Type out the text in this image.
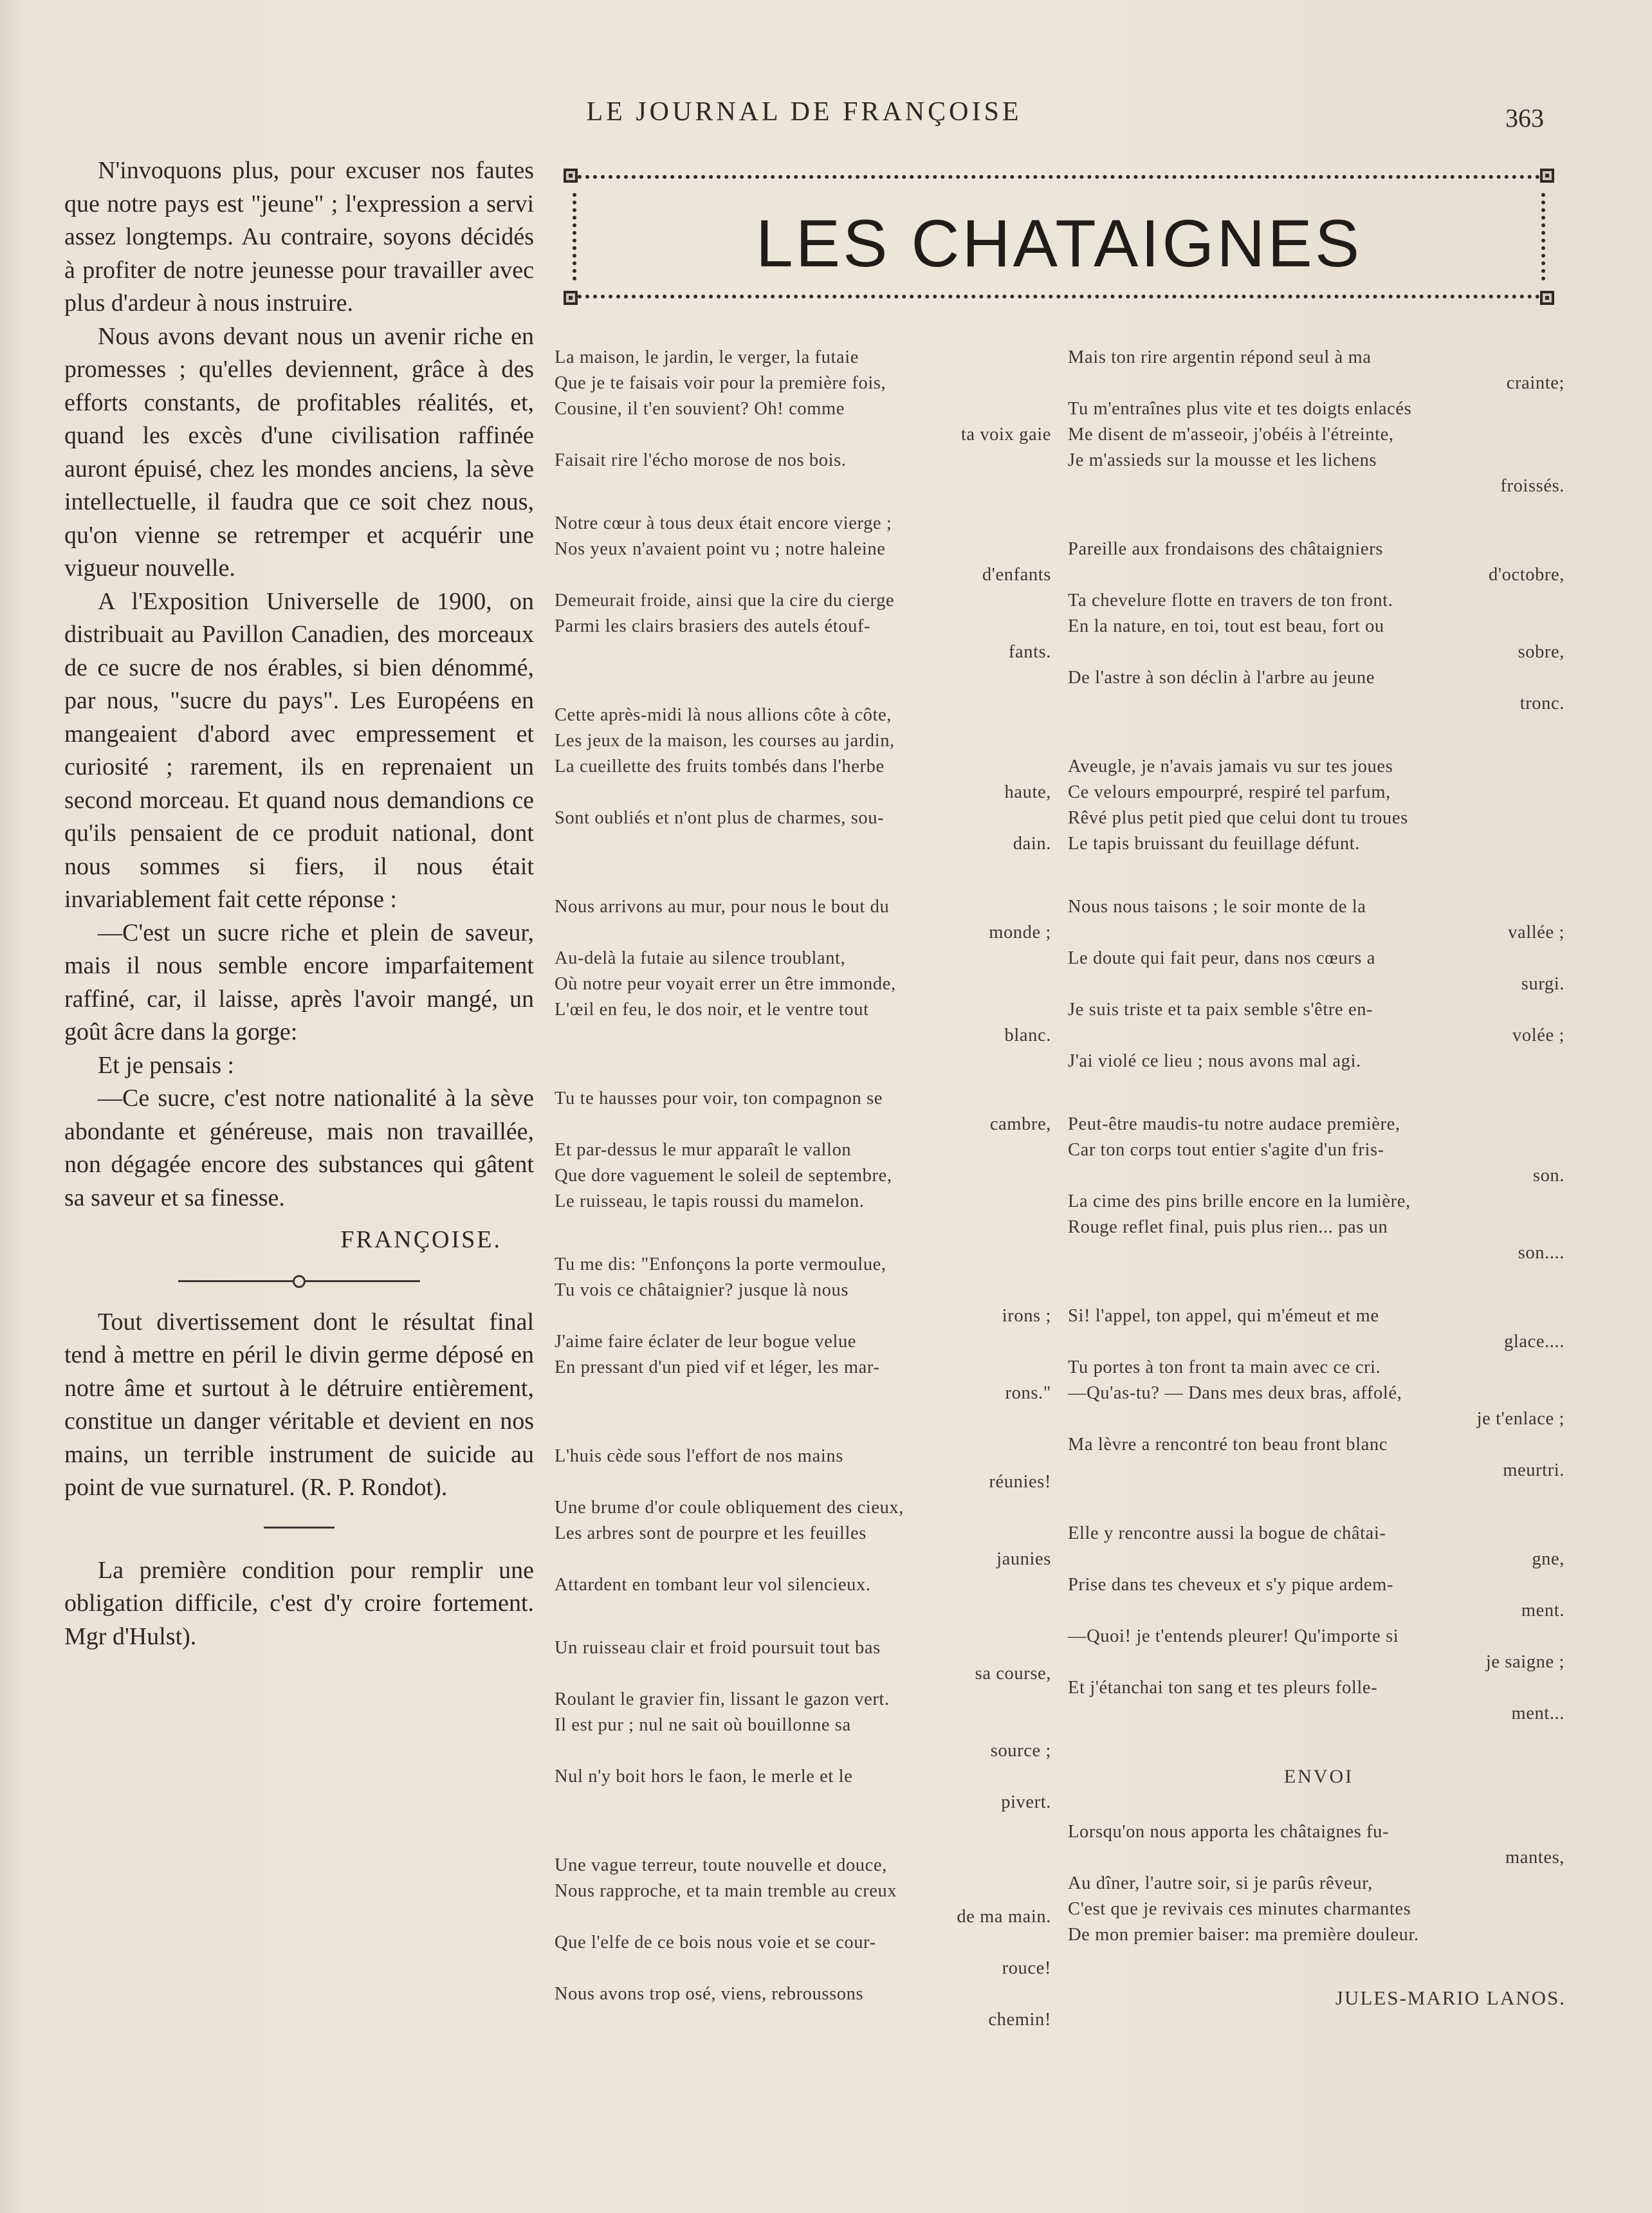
LE JOURNAL DE FRANÇOISE	363

N'invoquons plus, pour excuser nos fautes que notre pays est "jeune" ; l'expression a servi assez longtemps. Au contraire, soyons décidés à profiter de notre jeunesse pour travailler avec plus d'ardeur à nous instruire.

Nous avons devant nous un avenir riche en promesses ; qu'elles deviennent, grâce à des efforts constants, de profitables réalités, et, quand les excès d'une civilisation raffinée auront épuisé, chez les mondes anciens, la sève intellectuelle, il faudra que ce soit chez nous, qu'on vienne se retremper et acquérir une vigueur nouvelle.

A l'Exposition Universelle de 1900, on distribuait au Pavillon Canadien, des morceaux de ce sucre de nos érables, si bien dénommé, par nous, "sucre du pays". Les Européens en mangeaient d'abord avec empressement et curiosité ; rarement, ils en reprenaient un second morceau. Et quand nous demandions ce qu'ils pensaient de ce produit national, dont nous sommes si fiers, il nous était invariablement fait cette réponse :

—C'est un sucre riche et plein de saveur, mais il nous semble encore imparfaitement raffiné, car, il laisse, après l'avoir mangé, un goût âcre dans la gorge:

Et je pensais :

—Ce sucre, c'est notre nationalité à la sève abondante et généreuse, mais non travaillée, non dégagée encore des substances qui gâtent sa saveur et sa finesse.

FRANÇOISE.

Tout divertissement dont le résultat final tend à mettre en péril le divin germe déposé en notre âme et surtout à le détruire entièrement, constitue un danger véritable et devient en nos mains, un terrible instrument de suicide au point de vue surnaturel. (R. P. Rondot).

La première condition pour remplir une obligation difficile, c'est d'y croire fortement. Mgr d'Hulst).

LES CHATAIGNES
La maison, le jardin, le verger, la futaie
Que je te faisais voir pour la première fois,
Cousine, il t'en souvient? Oh! comme
ta voix gaie
Faisait rire l'écho morose de nos bois.
Notre cœur à tous deux était encore vierge ;
Nos yeux n'avaient point vu ; notre haleine
d'enfants
Demeurait froide, ainsi que la cire du cierge
Parmi les clairs brasiers des autels étouf-
fants.
Cette après-midi là nous allions côte à côte,
Les jeux de la maison, les courses au jardin,
La cueillette des fruits tombés dans l'herbe
haute,
Sont oubliés et n'ont plus de charmes, sou-
dain.
Nous arrivons au mur, pour nous le bout du
monde ;
Au-delà la futaie au silence troublant,
Où notre peur voyait errer un être immonde,
L'œil en feu, le dos noir, et le ventre tout
blanc.
Tu te hausses pour voir, ton compagnon se
cambre,
Et par-dessus le mur apparaît le vallon
Que dore vaguement le soleil de septembre,
Le ruisseau, le tapis roussi du mamelon.
Tu me dis: "Enfonçons la porte vermoulue,
Tu vois ce châtaignier? jusque là nous
irons ;
J'aime faire éclater de leur bogue velue
En pressant d'un pied vif et léger, les mar-
rons."
L'huis cède sous l'effort de nos mains
réunies!
Une brume d'or coule obliquement des cieux,
Les arbres sont de pourpre et les feuilles
jaunies
Attardent en tombant leur vol silencieux.
Un ruisseau clair et froid poursuit tout bas
sa course,
Roulant le gravier fin, lissant le gazon vert.
Il est pur ; nul ne sait où bouillonne sa
source ;
Nul n'y boit hors le faon, le merle et le
pivert.
Une vague terreur, toute nouvelle et douce,
Nous rapproche, et ta main tremble au creux
de ma main.
Que l'elfe de ce bois nous voie et se cour-
rouce!
Nous avons trop osé, viens, rebroussons
chemin!
Mais ton rire argentin répond seul à ma
crainte;
Tu m'entraînes plus vite et tes doigts enlacés
Me disent de m'asseoir, j'obéis à l'étreinte,
Je m'assieds sur la mousse et les lichens
froissés.
Pareille aux frondaisons des châtaigniers
d'octobre,
Ta chevelure flotte en travers de ton front.
En la nature, en toi, tout est beau, fort ou
sobre,
De l'astre à son déclin à l'arbre au jeune
tronc.
Aveugle, je n'avais jamais vu sur tes joues
Ce velours empourpré, respiré tel parfum,
Rêvé plus petit pied que celui dont tu troues
Le tapis bruissant du feuillage défunt.
Nous nous taisons ; le soir monte de la
vallée ;
Le doute qui fait peur, dans nos cœurs a
surgi.
Je suis triste et ta paix semble s'être en-
volée ;
J'ai violé ce lieu ; nous avons mal agi.
Peut-être maudis-tu notre audace première,
Car ton corps tout entier s'agite d'un fris-
son.
La cime des pins brille encore en la lumière,
Rouge reflet final, puis plus rien... pas un
son....
Si! l'appel, ton appel, qui m'émeut et me
glace....
Tu portes à ton front ta main avec ce cri.
—Qu'as-tu? — Dans mes deux bras, affolé,
je t'enlace ;
Ma lèvre a rencontré ton beau front blanc
meurtri.
Elle y rencontre aussi la bogue de châtai-
gne,
Prise dans tes cheveux et s'y pique ardem-
ment.
—Quoi! je t'entends pleurer! Qu'importe si
je saigne ;
Et j'étanchai ton sang et tes pleurs folle-
ment...
ENVOI
Lorsqu'on nous apporta les châtaignes fu-
mantes,
Au dîner, l'autre soir, si je parûs rêveur,
C'est que je revivais ces minutes charmantes
De mon premier baiser: ma première douleur.
JULES-MARIO LANOS.
